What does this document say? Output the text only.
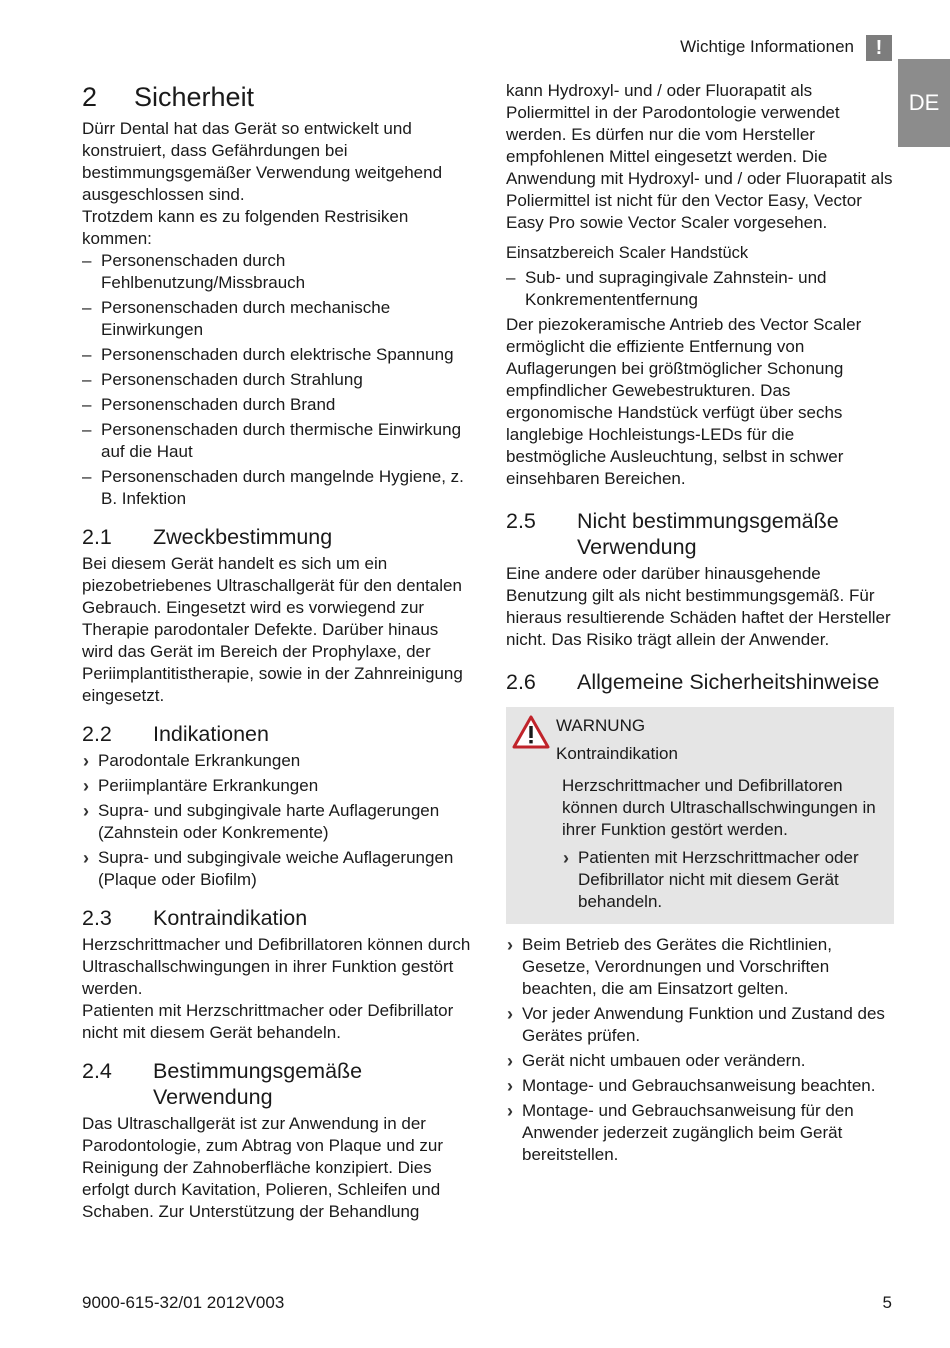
Wichtige Informationen	!
DE
2	Sicherheit

Dürr Dental hat das Gerät so entwickelt und konstruiert, dass Gefährdungen bei bestimmungsgemäßer Verwendung weitgehend ausgeschlossen sind.

Trotzdem kann es zu folgenden Restrisiken kommen:

– Personenschaden durch Fehlbenutzung/Missbrauch
– Personenschaden durch mechanische Einwirkungen
– Personenschaden durch elektrische Spannung
– Personenschaden durch Strahlung
– Personenschaden durch Brand
– Personenschaden durch thermische Einwirkung auf die Haut
– Personenschaden durch mangelnde Hygiene, z. B. Infektion
2.1	Zweckbestimmung

Bei diesem Gerät handelt es sich um ein piezobetriebenes Ultraschallgerät für den dentalen Gebrauch. Eingesetzt wird es vorwiegend zur Therapie parodontaler Defekte. Darüber hinaus wird das Gerät im Bereich der Prophylaxe, der Periimplantitistherapie, sowie in der Zahnreinigung eingesetzt.

2.2	Indikationen
› Parodontale Erkrankungen
› Periimplantäre Erkrankungen
› Supra- und subgingivale harte Auflagerungen (Zahnstein oder Konkremente)
› Supra- und subgingivale weiche Auflagerungen (Plaque oder Biofilm)
2.3	Kontraindikation

Herzschrittmacher und Defibrillatoren können durch Ultraschallschwingungen in ihrer Funktion gestört werden.

Patienten mit Herzschrittmacher oder Defibrillator nicht mit diesem Gerät behandeln.

2.4	Bestimmungsgemäße Verwendung

Das Ultraschallgerät ist zur Anwendung in der Parodontologie, zum Abtrag von Plaque und zur Reinigung der Zahnoberfläche konzipiert. Dies erfolgt durch Kavitation, Polieren, Schleifen und Schaben. Zur Unterstützung der Behandlung

kann Hydroxyl- und / oder Fluorapatit als Poliermittel in der Parodontologie verwendet werden. Es dürfen nur die vom Hersteller empfohlenen Mittel eingesetzt werden. Die Anwendung mit Hydroxyl- und / oder Fluorapatit als Poliermittel ist nicht für den Vector Easy, Vector Easy Pro sowie Vector Scaler vorgesehen.

Einsatzbereich Scaler Handstück
– Sub- und supragingivale Zahnstein- und Konkremententfernung

Der piezokeramische Antrieb des Vector Scaler ermöglicht die effiziente Entfernung von Auflagerungen bei größtmöglicher Schonung empfindlicher Gewebestrukturen. Das ergonomische Handstück verfügt über sechs langlebige Hochleistungs-LEDs für die bestmögliche Ausleuchtung, selbst in schwer einsehbaren Bereichen.

2.5	Nicht bestimmungsgemäße Verwendung

Eine andere oder darüber hinausgehende Benutzung gilt als nicht bestimmungsgemäß. Für hieraus resultierende Schäden haftet der Hersteller nicht. Das Risiko trägt allein der Anwender.

2.6	Allgemeine Sicherheitshinweise
WARNUNG
Kontraindikation

Herzschrittmacher und Defibrillatoren können durch Ultraschallschwingungen in ihrer Funktion gestört werden.

› Patienten mit Herzschrittmacher oder Defibrillator nicht mit diesem Gerät behandeln.
› Beim Betrieb des Gerätes die Richtlinien, Gesetze, Verordnungen und Vorschriften beachten, die am Einsatzort gelten.
› Vor jeder Anwendung Funktion und Zustand des Gerätes prüfen.
› Gerät nicht umbauen oder verändern.
› Montage- und Gebrauchsanweisung beachten.
› Montage- und Gebrauchsanweisung für den Anwender jederzeit zugänglich beim Gerät bereitstellen.
9000-615-32/01 2012V003	5
